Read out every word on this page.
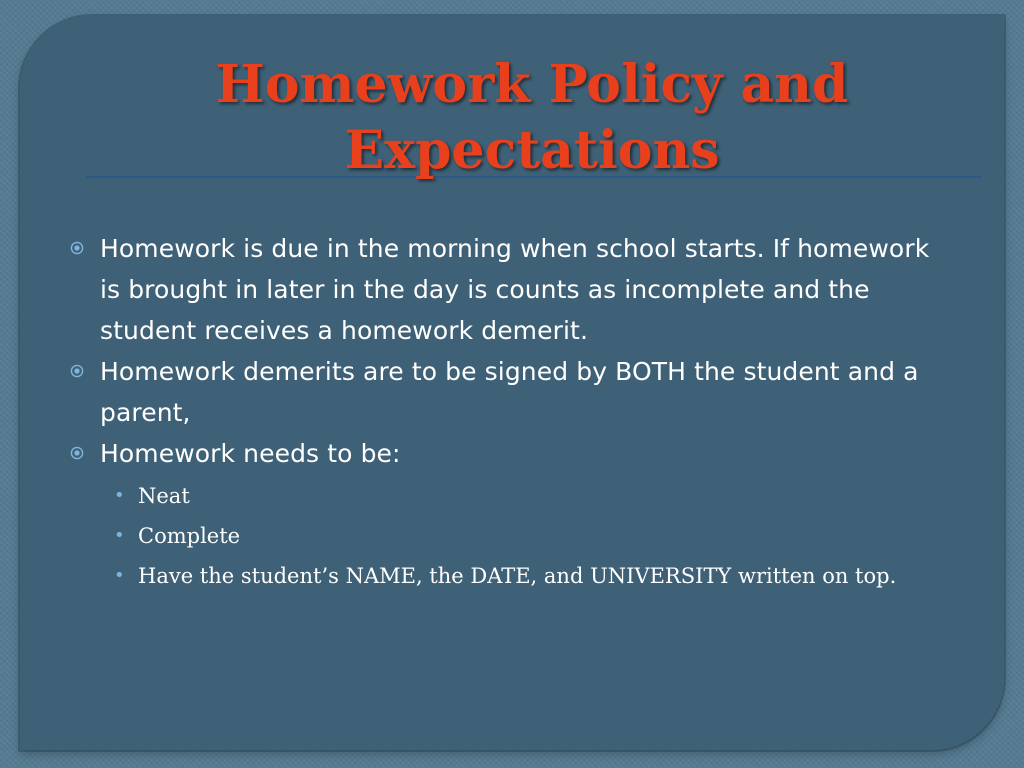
Homework Policy and Expectations
Homework is due in the morning when school starts. If homework is brought in later in the day is counts as incomplete and the student receives a homework demerit.
Homework demerits are to be signed by BOTH the student and a parent,
Homework needs to be:
• Neat
• Complete
• Have the student’s NAME, the DATE, and UNIVERSITY written on top.
